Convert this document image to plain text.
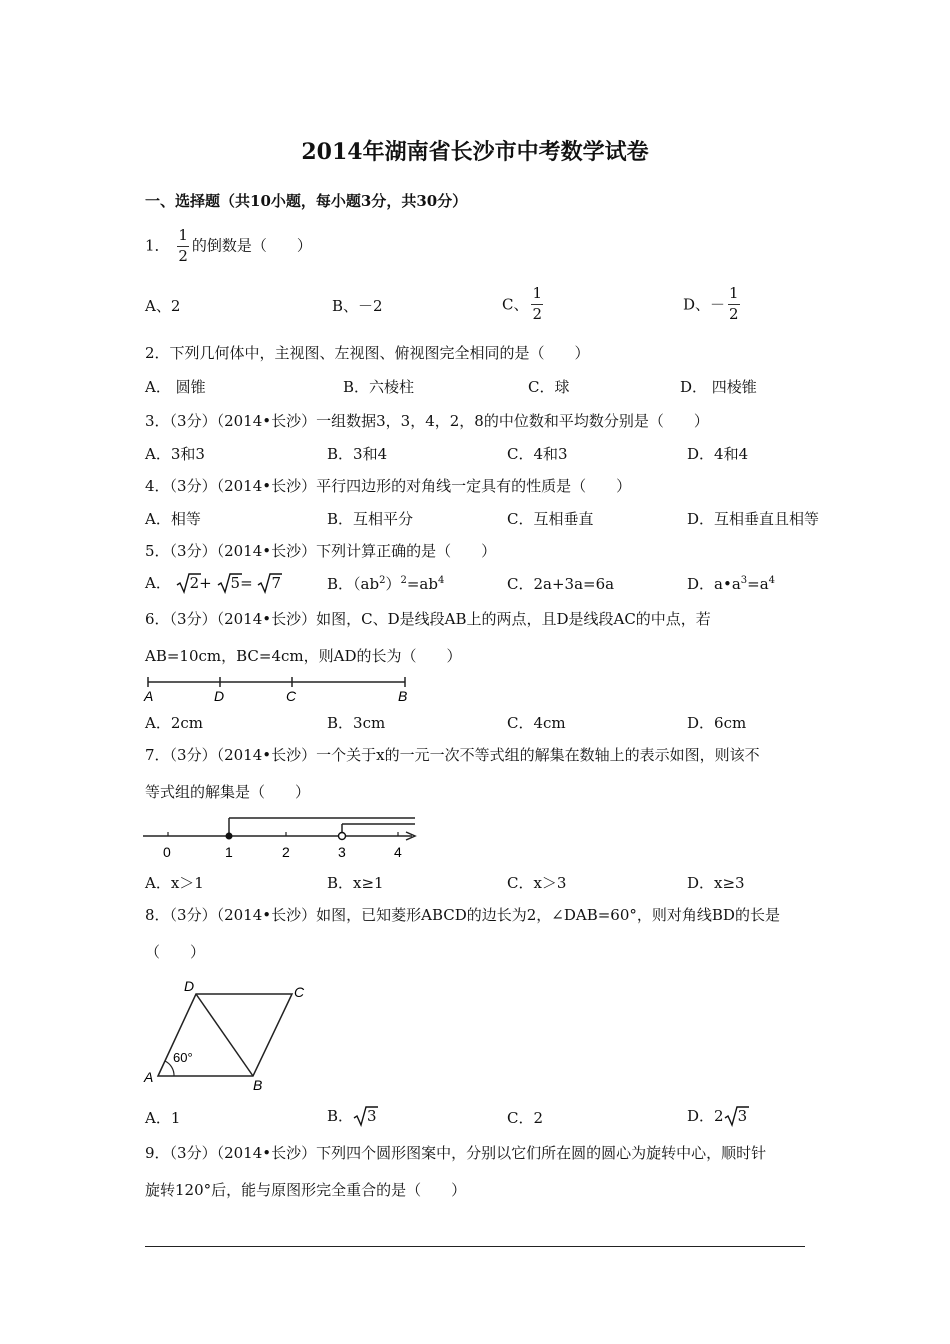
2014年湖南省长沙市中考数学试卷
一、选择题（共10小题，每小题3分，共30分）
1． $\frac{1}{2}$ 的倒数是（　　）
A、2	B、－2	C、 $\frac{1}{2}$	D、－ $\frac{1}{2}$
2．下列几何体中，主视图、左视图、俯视图完全相同的是（　　）
A． 圆锥	B．六棱柱	C．球	D． 四棱锥
3．（3分）（2014•长沙）一组数据3，3，4，2，8的中位数和平均数分别是（　　）
A．3和3	B．3和4	C．4和3	D．4和4
4．（3分）（2014•长沙）平行四边形的对角线一定具有的性质是（　　）
A．相等	B．互相平分	C．互相垂直	D．互相垂直且相等
5．（3分）（2014•长沙）下列计算正确的是（　　）
A． 2+ 5= 7	B．$(ab^2)^2=ab^4$	C．2a+3a=6a	D．$a•a^3=a^4$
6．（3分）（2014•长沙）如图，C、D是线段AB上的两点，且D是线段AC的中点，若
AB=10cm，BC=4cm，则AD的长为（　　）
A	D	C	B
A．2cm	B．3cm	C．4cm	D．6cm
7．（3分）（2014•长沙）一个关于x的一元一次不等式组的解集在数轴上的表示如图，则该不
等式组的解集是（　　）
0	1	2	3	4
A．x＞1	B．x≥1	C．x＞3	D．x≥3
8．（3分）（2014•长沙）如图，已知菱形ABCD的边长为2，∠DAB=60°，则对角线BD的长是
（　　）
D	C
A	B
60°
A．1	B． 3	C．2	D．2 3
9．（3分）（2014•长沙）下列四个圆形图案中，分别以它们所在圆的圆心为旋转中心，顺时针
旋转120°后，能与原图形完全重合的是（　　）
